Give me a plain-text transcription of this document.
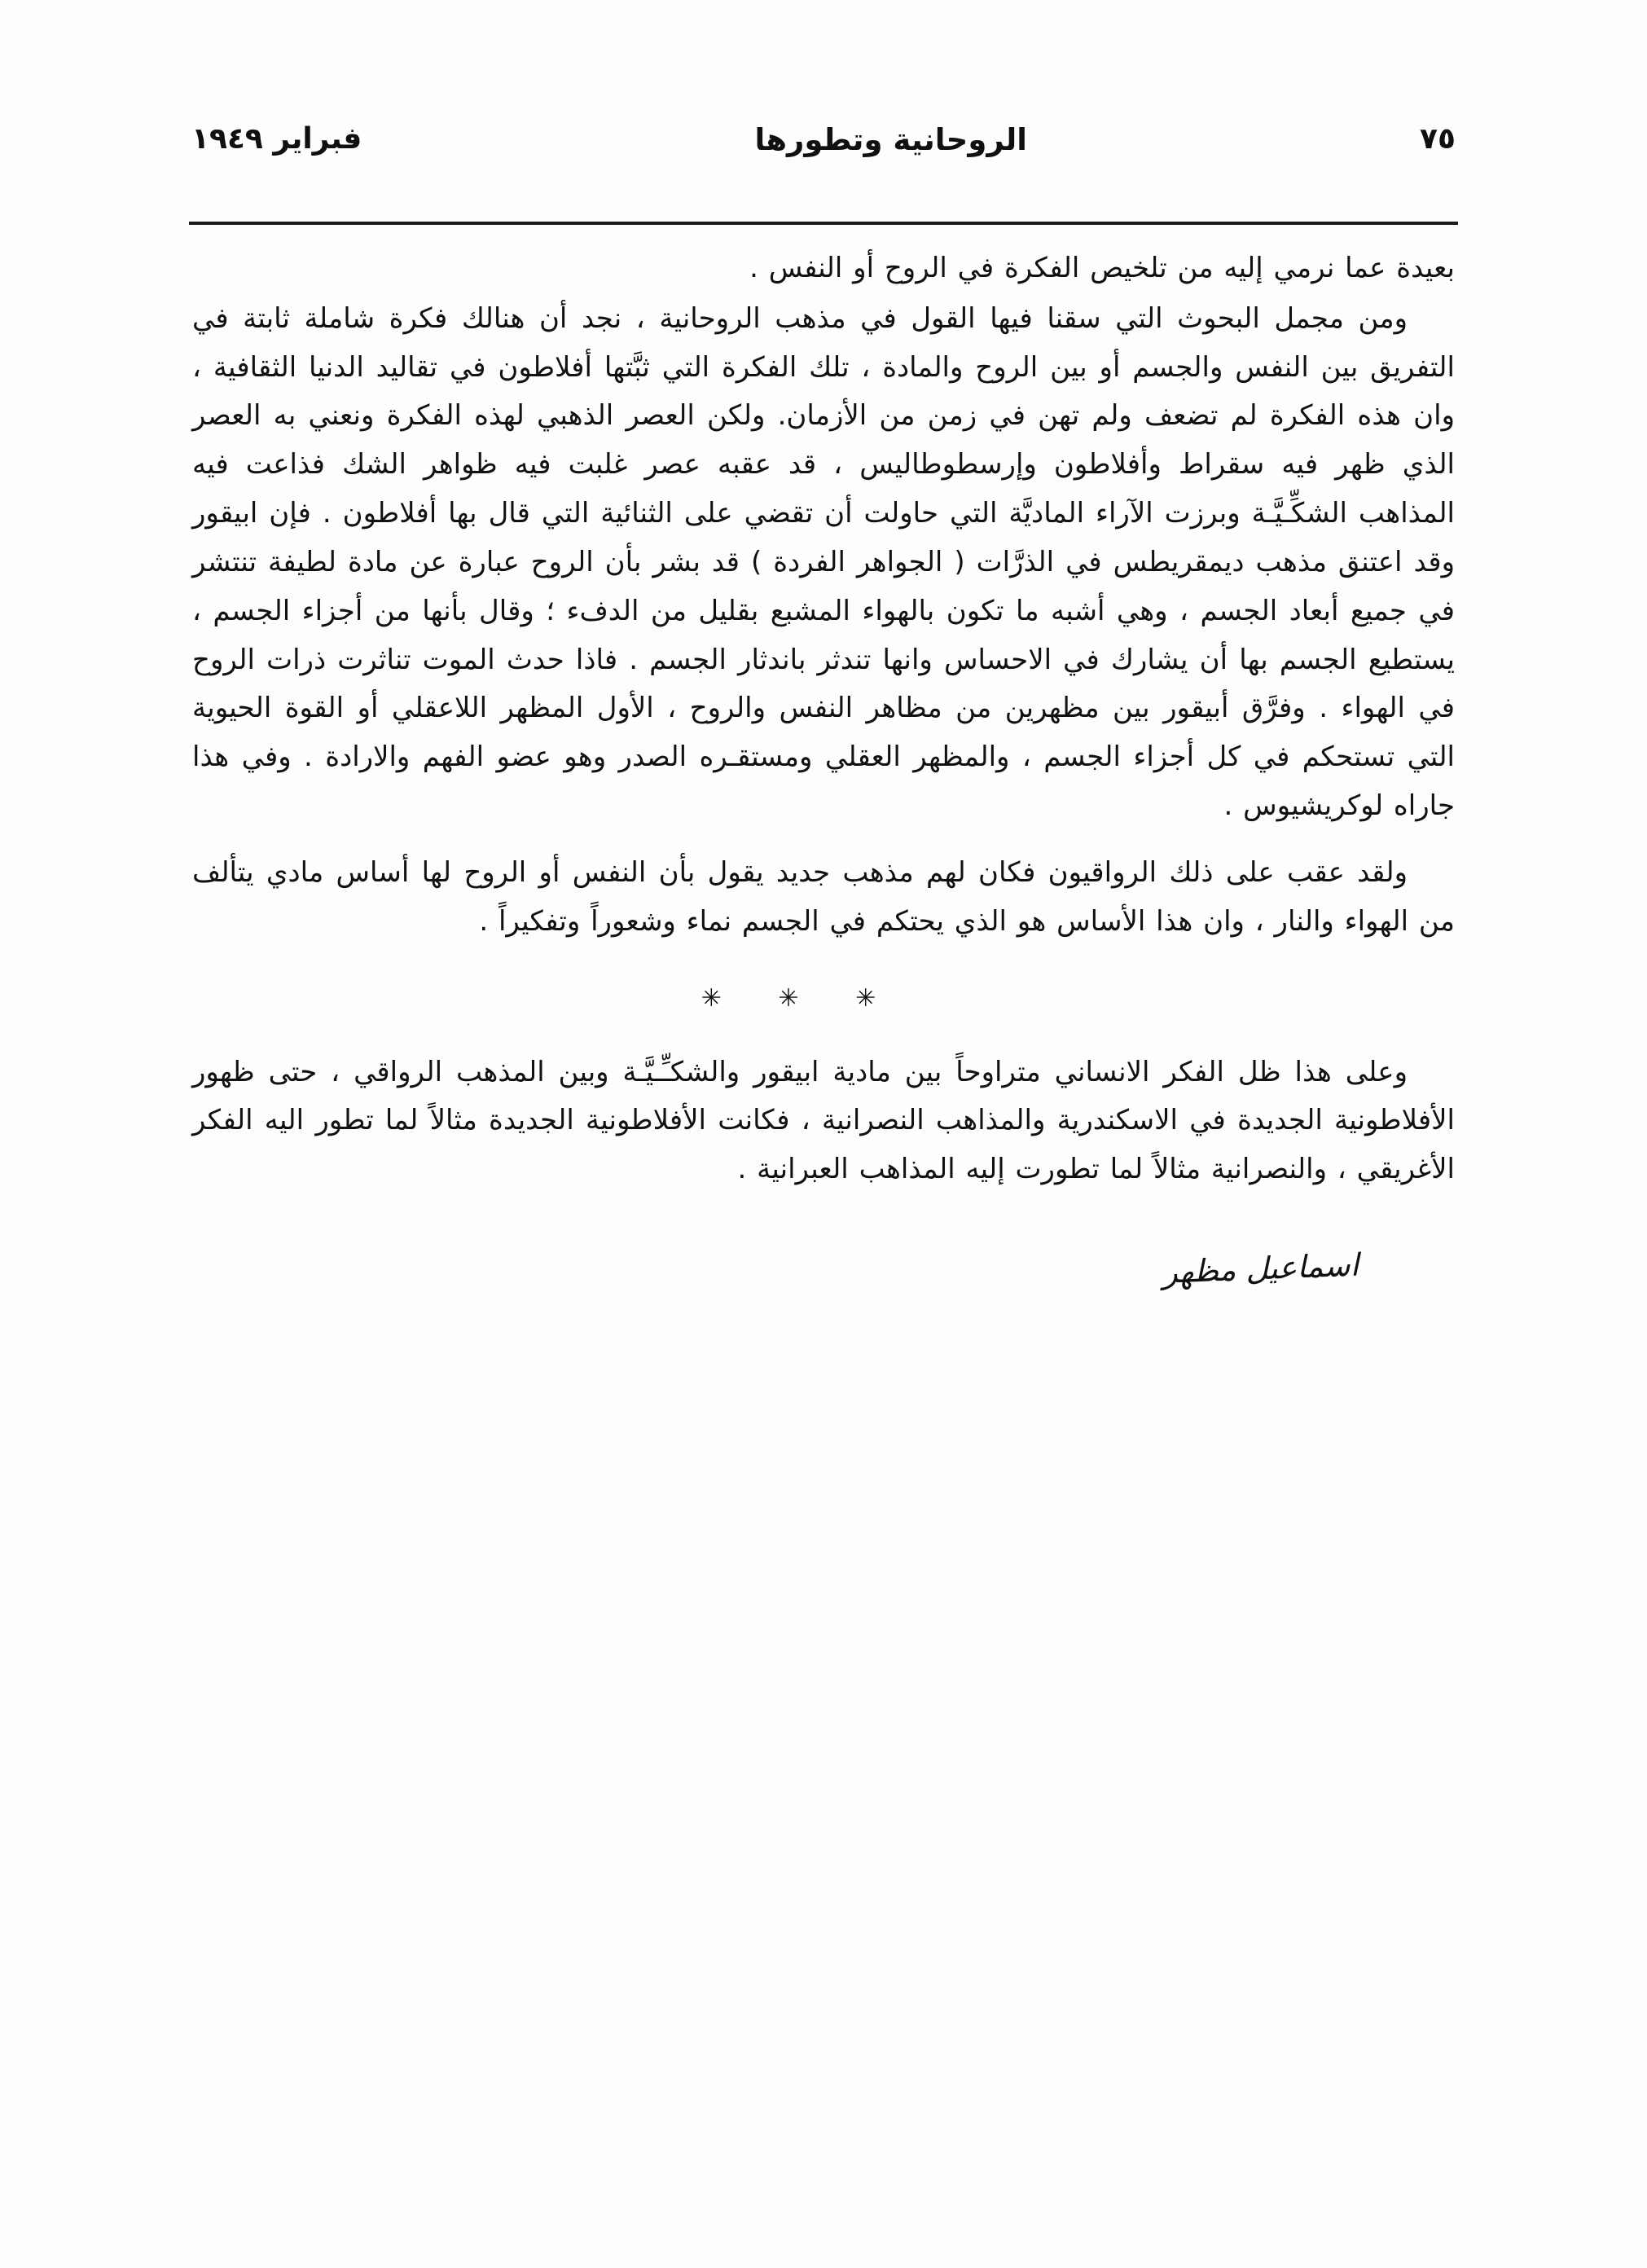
٧٥
الروحانية وتطورها
فبراير ١٩٤٩

بعيدة عما نرمي إليه من تلخيص الفكرة في الروح أو النفس .

ومن مجمل البحوث التي سقنا فيها القول في مذهب الروحانية ، نجد أن هنالك فكرة شاملة ثابتة في التفريق بين النفس والجسم أو بين الروح والمادة ، تلك الفكرة التي ثبَّتها أفلاطون في تقاليد الدنيا الثقافية ، وان هذه الفكرة لم تضعف ولم تهن في زمن من الأزمان. ولكن العصر الذهبي لهذه الفكرة ونعني به العصر الذي ظهر فيه سقراط وأفلاطون وإرسطوطاليس ، قد عقبه عصر غلبت فيه ظواهر الشك فذاعت فيه المذاهب الشكِّـيَّـة وبرزت الآراء الماديَّة التي حاولت أن تقضي على الثنائية التي قال بها أفلاطون . فإن ابيقور وقد اعتنق مذهب ديمقريطس في الذرَّات ( الجواهر الفردة ) قد بشر بأن الروح عبارة عن مادة لطيفة تنتشر في جميع أبعاد الجسم ، وهي أشبه ما تكون بالهواء المشبع بقليل من الدفء ؛ وقال بأنها من أجزاء الجسم ، يستطيع الجسم بها أن يشارك في الاحساس وانها تندثر باندثار الجسم . فاذا حدث الموت تناثرت ذرات الروح في الهواء . وفرَّق أبيقور بين مظهرين من مظاهر النفس والروح ، الأول المظهر اللاعقلي أو القوة الحيوية التي تستحكم في كل أجزاء الجسم ، والمظهر العقلي ومستقـره الصدر وهو عضو الفهم والارادة . وفي هذا جاراه لوكريشيوس .

ولقد عقب على ذلك الرواقيون فكان لهم مذهب جديد يقول بأن النفس أو الروح لها أساس مادي يتألف من الهواء والنار ، وان هذا الأساس هو الذي يحتكم في الجسم نماء وشعوراً وتفكيراً .

✳ ✳ ✳

وعلى هذا ظل الفكر الانساني متراوحاً بين مادية ابيقور والشكـِّـيَّـة وبين المذهب الرواقي ، حتى ظهور الأفلاطونية الجديدة في الاسكندرية والمذاهب النصرانية ، فكانت الأفلاطونية الجديدة مثالاً لما تطور اليه الفكر الأغريقي ، والنصرانية مثالاً لما تطورت إليه المذاهب العبرانية .

اسماعيل مظهر
